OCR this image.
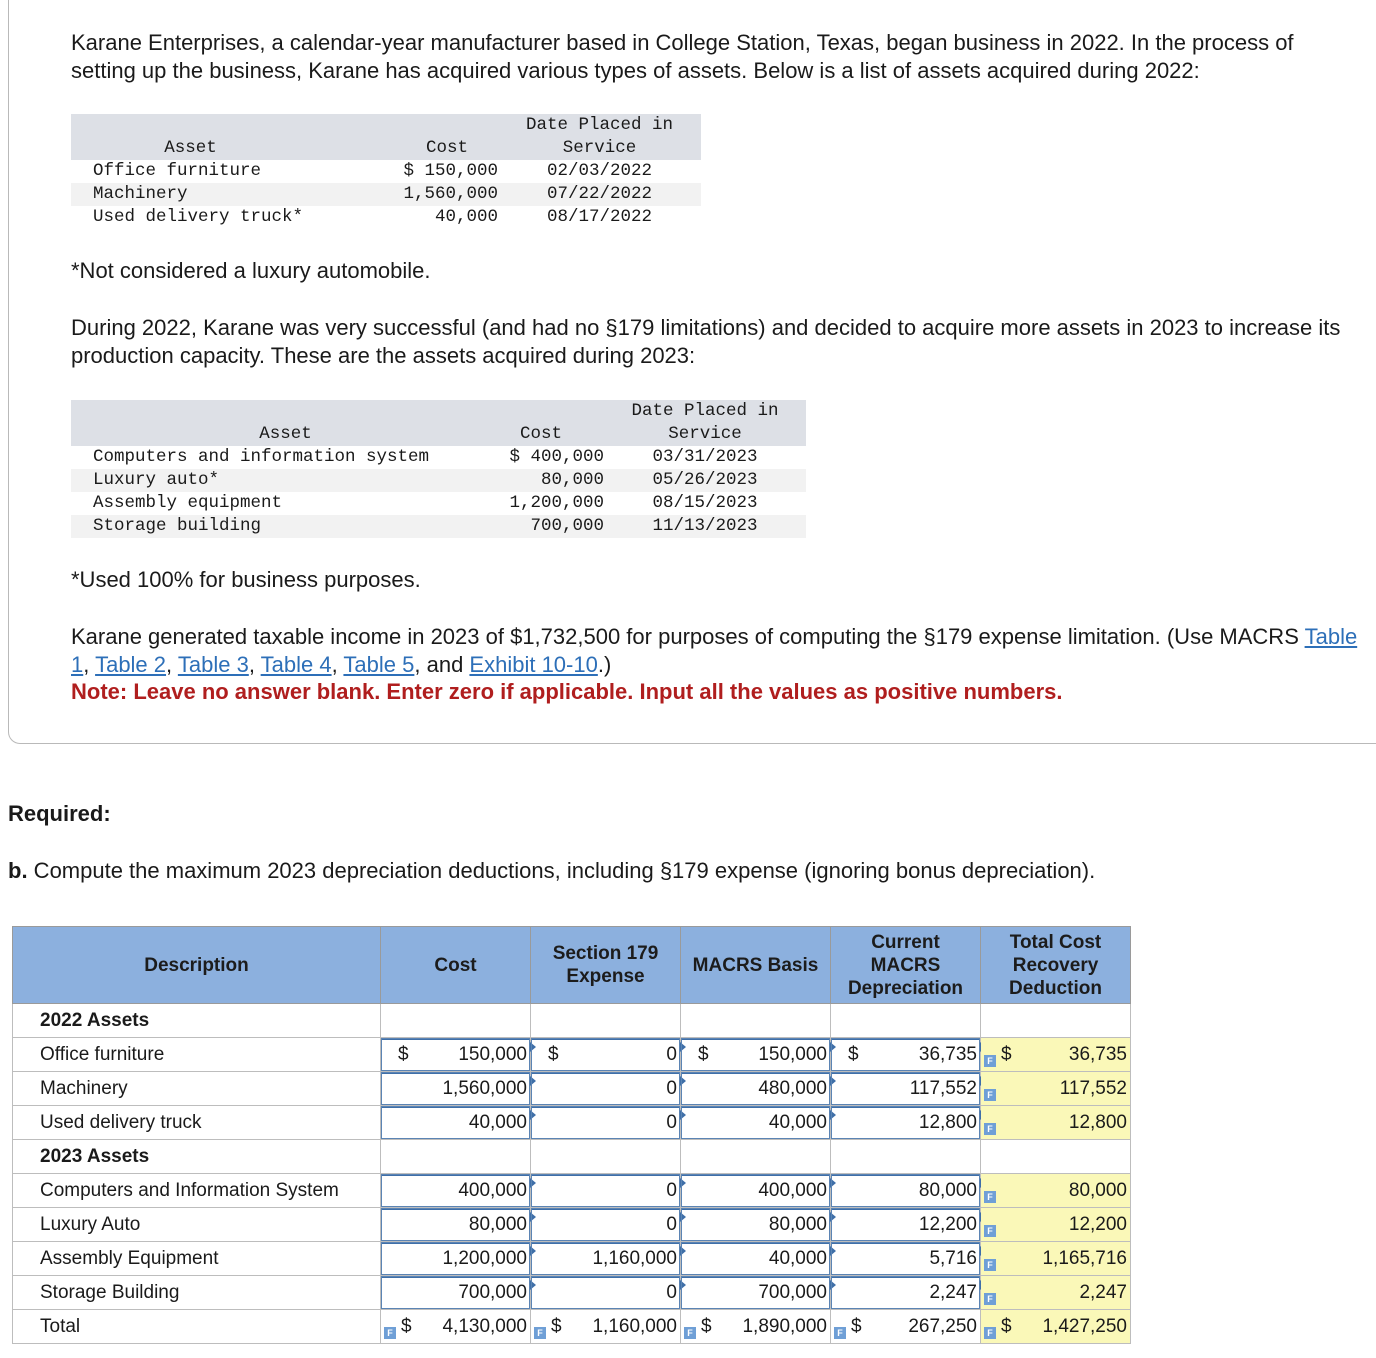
Karane Enterprises, a calendar-year manufacturer based in College Station, Texas, began business in 2022. In the process of setting up the business, Karane has acquired various types of assets. Below is a list of assets acquired during 2022:

			Date Placed in
	Asset	Cost	Service
	Office furniture	$ 150,000	02/03/2022
	Machinery	1,560,000	07/22/2022
	Used delivery truck*	40,000	08/17/2022

*Not considered a luxury automobile.

During 2022, Karane was very successful (and had no §179 limitations) and decided to acquire more assets in 2023 to increase its production capacity. These are the assets acquired during 2023:

			Date Placed in
	Asset	Cost	Service
	Computers and information system	$ 400,000	03/31/2023
	Luxury auto*	80,000	05/26/2023
	Assembly equipment	1,200,000	08/15/2023
	Storage building	700,000	11/13/2023

*Used 100% for business purposes.

Karane generated taxable income in 2023 of $1,732,500 for purposes of computing the §179 expense limitation. (Use MACRS Table 1, Table 2, Table 3, Table 4, Table 5, and Exhibit 10-10.)
Note: Leave no answer blank. Enter zero if applicable. Input all the values as positive numbers.

Required:

b. Compute the maximum 2023 depreciation deductions, including §179 expense (ignoring bonus depreciation).

Description	Cost	Section 179 Expense	MACRS Basis	Current MACRS Depreciation	Total Cost Recovery Deduction
2022 Assets					
Office furniture	$ 150,000	$ 0	$ 150,000	$ 36,735	F $ 36,735

Machinery	1,560,000	0	480,000	117,552	F 117,552

Used delivery truck	40,000	0	40,000	12,800	F 12,800

2023 Assets					
Computers and Information System	400,000	0	400,000	80,000	F 80,000

Luxury Auto	80,000	0	80,000	12,200	F 12,200

Assembly Equipment	1,200,000	1,160,000	40,000	5,716	F 1,165,716

Storage Building	700,000	0	700,000	2,247	F 2,247

Total	F $ 4,130,000	F $ 1,160,000	F $ 1,890,000	F $ 267,250	F $ 1,427,250
